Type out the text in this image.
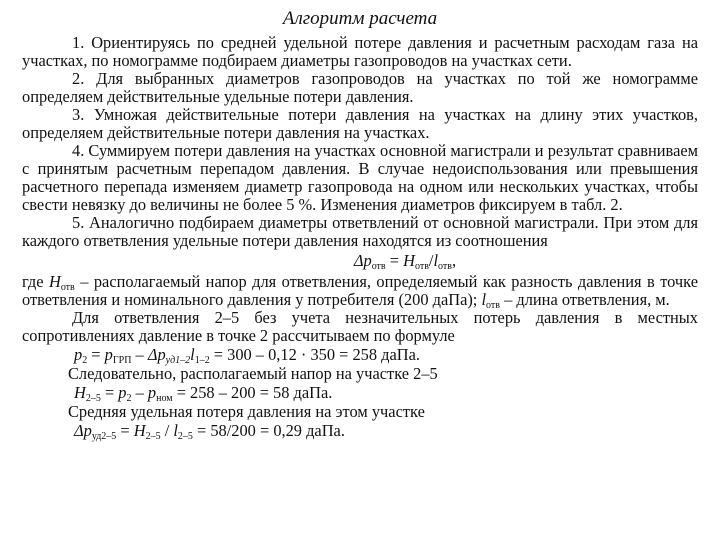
Алгоритм расчета

1. Ориентируясь по средней удельной потере давления и расчетным расходам газа на участках, по номограмме подбираем диаметры газопроводов на участках сети.

2. Для выбранных диаметров газопроводов на участках по той же номограмме определяем действительные удельные потери давления.

3. Умножая действительные потери давления на участках на длину этих участков, определяем действительные потери давления на участках.

4. Суммируем потери давления на участках основной магистрали и результат сравниваем с принятым расчетным перепадом давления. В случае недоиспользования или превышения расчетного перепада изменяем диаметр газопровода на одном или нескольких участках, чтобы свести невязку до величины не более 5 %. Изменения диаметров фиксируем в табл. 2.

5. Аналогично подбираем диаметры ответвлений от основной магистрали. При этом для каждого ответвления удельные потери давления находятся из соотношения

$\Delta p_{отв} = H_{отв}/l_{отв}$,

где $H_{отв}$ – располагаемый напор для ответвления, определяемый как разность давления в точке ответвления и номинального давления у потребителя (200 даПа); $l_{отв}$ – длина ответвления, м.

Для ответвления 2–5 без учета незначительных потерь давления в местных сопротивлениях давление в точке 2 рассчитываем по формуле

$p_2 = p_{ГРП} - \Delta p_{уд1-2}l_{1-2} = 300 - 0,12 \cdot 350 = 258$ даПа.

Следовательно, располагаемый напор на участке 2–5

$H_{2-5} = p_2 - p_{ном} = 258 - 200 = 58$ даПа.

Средняя удельная потеря давления на этом участке

$\Delta p_{уд2-5} = H_{2-5} / l_{2-5} = 58/200 = 0,29$ даПа.
